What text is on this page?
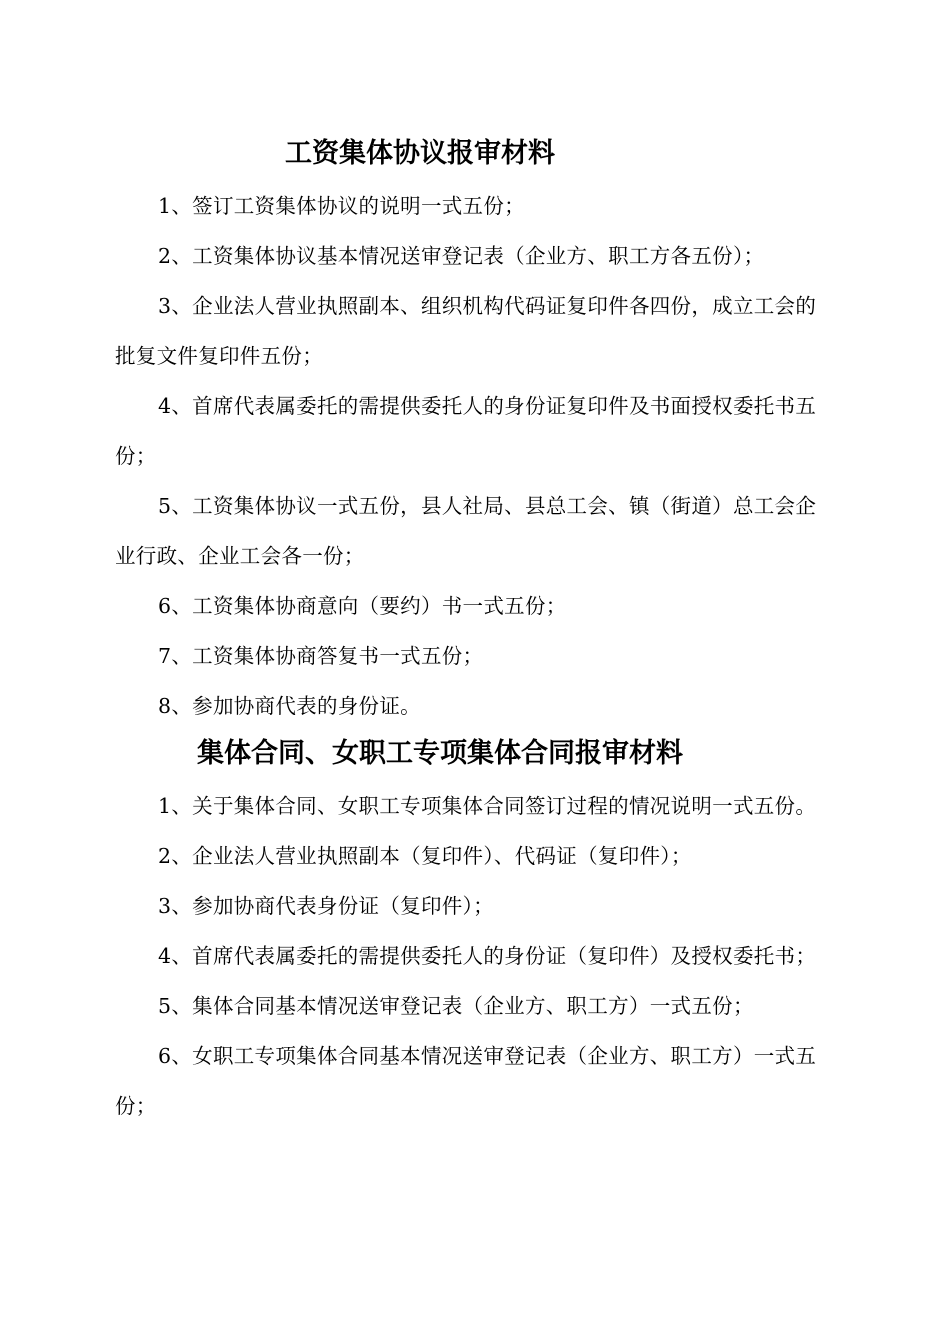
工资集体协议报审材料

1、签订工资集体协议的说明一式五份；

2、工资集体协议基本情况送审登记表（企业方、职工方各五份）；

3、企业法人营业执照副本、组织机构代码证复印件各四份，成立工会的批复文件复印件五份；

4、首席代表属委托的需提供委托人的身份证复印件及书面授权委托书五份；

5、工资集体协议一式五份，县人社局、县总工会、镇（街道）总工会企业行政、企业工会各一份；

6、工资集体协商意向（要约）书一式五份；

7、工资集体协商答复书一式五份；

8、参加协商代表的身份证。

集体合同、女职工专项集体合同报审材料

1、关于集体合同、女职工专项集体合同签订过程的情况说明一式五份。

2、企业法人营业执照副本（复印件）、代码证（复印件）；

3、参加协商代表身份证（复印件）；

4、首席代表属委托的需提供委托人的身份证（复印件）及授权委托书；

5、集体合同基本情况送审登记表（企业方、职工方）一式五份；

6、女职工专项集体合同基本情况送审登记表（企业方、职工方）一式五份；
